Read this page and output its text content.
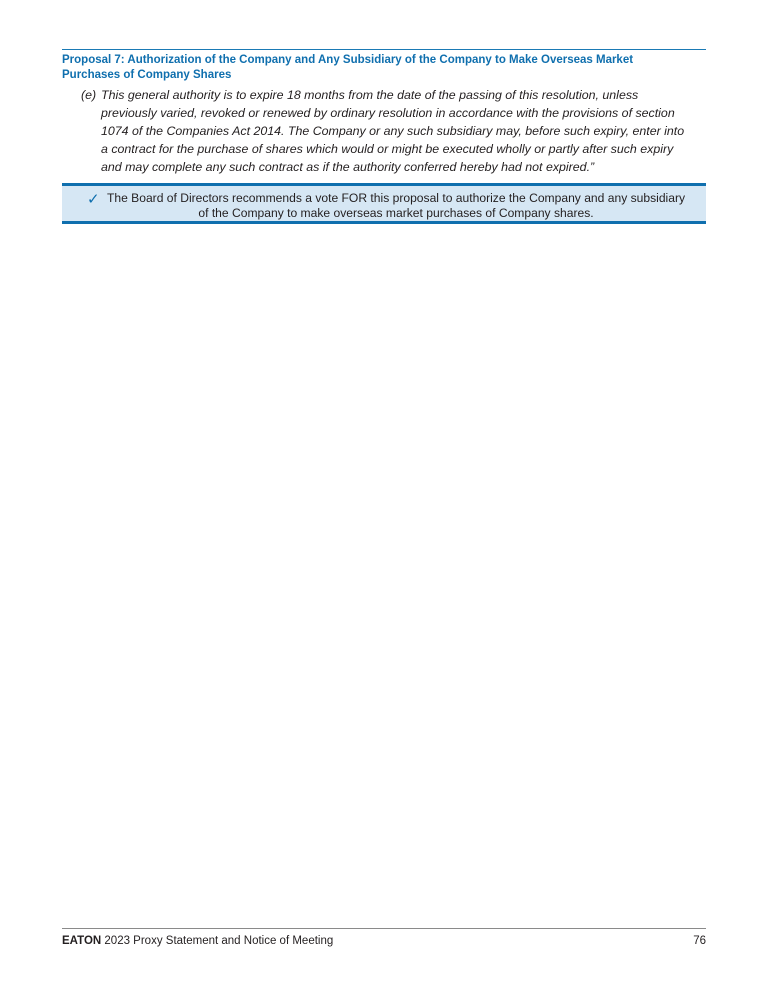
Proposal 7: Authorization of the Company and Any Subsidiary of the Company to Make Overseas Market Purchases of Company Shares
(e) This general authority is to expire 18 months from the date of the passing of this resolution, unless previously varied, revoked or renewed by ordinary resolution in accordance with the provisions of section 1074 of the Companies Act 2014. The Company or any such subsidiary may, before such expiry, enter into a contract for the purchase of shares which would or might be executed wholly or partly after such expiry and may complete any such contract as if the authority conferred hereby had not expired.”
✓ The Board of Directors recommends a vote FOR this proposal to authorize the Company and any subsidiary of the Company to make overseas market purchases of Company shares.
EATON 2023 Proxy Statement and Notice of Meeting	76
